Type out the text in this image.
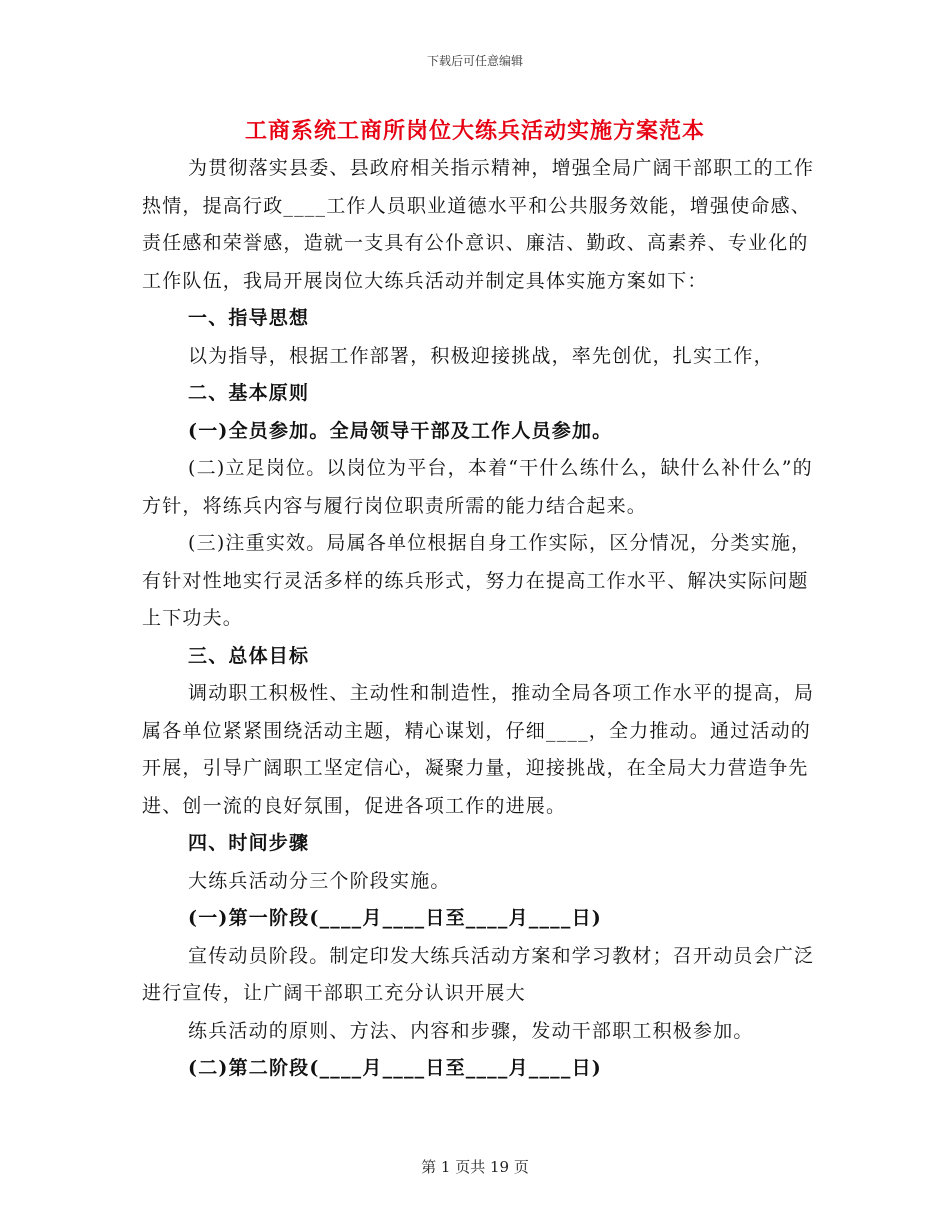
下载后可任意编辑
工商系统工商所岗位大练兵活动实施方案范本

为贯彻落实县委、县政府相关指示精神，增强全局广阔干部职工的工作热情，提高行政____工作人员职业道德水平和公共服务效能，增强使命感、责任感和荣誉感，造就一支具有公仆意识、廉洁、勤政、高素养、专业化的工作队伍，我局开展岗位大练兵活动并制定具体实施方案如下：

一、指导思想

以为指导，根据工作部署，积极迎接挑战，率先创优，扎实工作，

二、基本原则

(一)全员参加。全局领导干部及工作人员参加。

(二)立足岗位。以岗位为平台，本着“干什么练什么，缺什么补什么”的方针，将练兵内容与履行岗位职责所需的能力结合起来。

(三)注重实效。局属各单位根据自身工作实际，区分情况，分类实施，有针对性地实行灵活多样的练兵形式，努力在提高工作水平、解决实际问题上下功夫。

三、总体目标

调动职工积极性、主动性和制造性，推动全局各项工作水平的提高，局属各单位紧紧围绕活动主题，精心谋划，仔细____，全力推动。通过活动的开展，引导广阔职工坚定信心，凝聚力量，迎接挑战，在全局大力营造争先进、创一流的良好氛围，促进各项工作的进展。

四、时间步骤

大练兵活动分三个阶段实施。

(一)第一阶段(____月____日至____月____日)

宣传动员阶段。制定印发大练兵活动方案和学习教材；召开动员会广泛进行宣传，让广阔干部职工充分认识开展大

练兵活动的原则、方法、内容和步骤，发动干部职工积极参加。

(二)第二阶段(____月____日至____月____日)

第 1 页共 19 页
